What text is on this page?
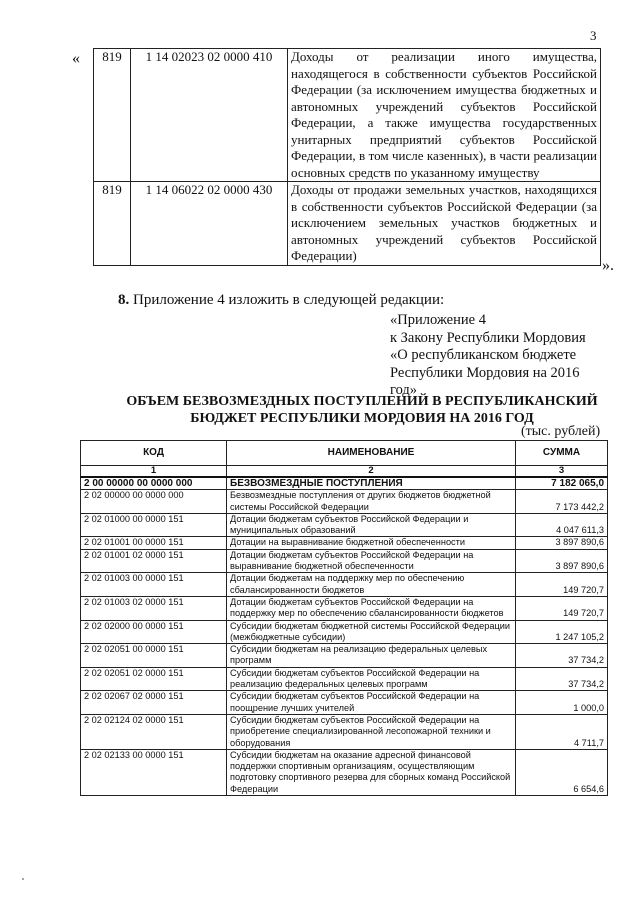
3
« 819	1 14 02023 02 0000 410	Доходы от реализации иного имущества, находящегося в собственности субъектов Российской Федерации (за исключением имущества бюджетных и автономных учреждений субъектов Российской Федерации, а также имущества государственных унитарных предприятий субъектов Российской Федерации, в том числе казенных), в части реализации основных средств по указанному имуществу
819	1 14 06022 02 0000 430	Доходы от продажи земельных участков, находящихся в собственности субъектов Российской Федерации (за исключением земельных участков бюджетных и автономных учреждений субъектов Российской Федерации)
».
8. Приложение 4 изложить в следующей редакции:
«Приложение 4
к Закону Республики Мордовия
«О республиканском бюджете
Республики Мордовия на 2016
год»
ОБЪЕМ БЕЗВОЗМЕЗДНЫХ ПОСТУПЛЕНИЙ В РЕСПУБЛИКАНСКИЙ
БЮДЖЕТ РЕСПУБЛИКИ МОРДОВИЯ НА 2016 ГОД
(тыс. рублей)
КОД	НАИМЕНОВАНИЕ	СУММА
1	2	3
2 00 00000 00 0000 000	БЕЗВОЗМЕЗДНЫЕ ПОСТУПЛЕНИЯ	7 182 065,0
2 02 00000 00 0000 000	Безвозмездные поступления от других бюджетов бюджетной системы Российской Федерации	7 173 442,2
2 02 01000 00 0000 151	Дотации бюджетам субъектов Российской Федерации и муниципальных образований	4 047 611,3
2 02 01001 00 0000 151	Дотации на выравнивание бюджетной обеспеченности	3 897 890,6
2 02 01001 02 0000 151	Дотации бюджетам субъектов Российской Федерации на выравнивание бюджетной обеспеченности	3 897 890,6
2 02 01003 00 0000 151	Дотации бюджетам на поддержку мер по обеспечению сбалансированности бюджетов	149 720,7
2 02 01003 02 0000 151	Дотации бюджетам субъектов Российской Федерации на поддержку мер по обеспечению сбалансированности бюджетов	149 720,7
2 02 02000 00 0000 151	Субсидии бюджетам бюджетной системы Российской Федерации (межбюджетные субсидии)	1 247 105,2
2 02 02051 00 0000 151	Субсидии бюджетам на реализацию федеральных целевых программ	37 734,2
2 02 02051 02 0000 151	Субсидии бюджетам субъектов Российской Федерации на реализацию федеральных целевых программ	37 734,2
2 02 02067 02 0000 151	Субсидии бюджетам субъектов Российской Федерации на поощрение лучших учителей	1 000,0
2 02 02124 02 0000 151	Субсидии бюджетам субъектов Российской Федерации на приобретение специализированной лесопожарной техники и оборудования	4 711,7
2 02 02133 00 0000 151	Субсидии бюджетам на оказание адресной финансовой поддержки спортивным организациям, осуществляющим подготовку спортивного резерва для сборных команд Российской Федерации	6 654,6
